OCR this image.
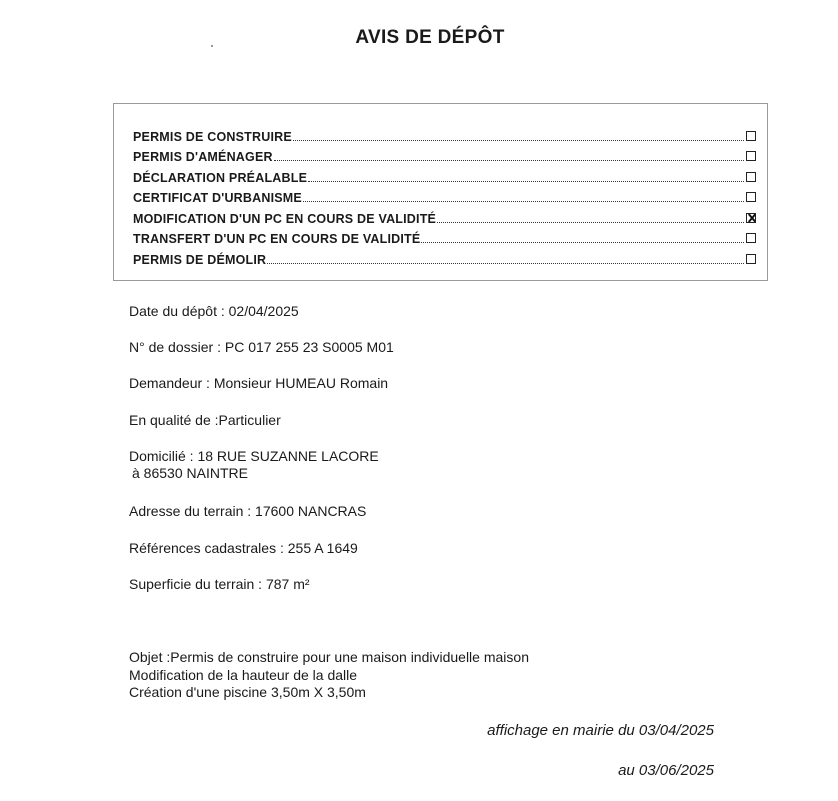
AVIS DE DÉPÔT
PERMIS DE CONSTRUIRE
PERMIS D'AMÉNAGER
DÉCLARATION PRÉALABLE
CERTIFICAT D'URBANISME
MODIFICATION D'UN PC EN COURS DE VALIDITÉ
TRANSFERT D'UN PC EN COURS DE VALIDITÉ
PERMIS DE DÉMOLIR
Date du dépôt : 02/04/2025
N° de dossier : PC 017 255 23 S0005 M01
Demandeur : Monsieur HUMEAU Romain
En qualité de :Particulier
Domicilié : 18 RUE SUZANNE LACORE
à 86530 NAINTRE
Adresse du terrain : 17600 NANCRAS
Références cadastrales : 255 A 1649
Superficie du terrain : 787 m²
Objet :Permis de construire pour une maison individuelle maison
Modification de la hauteur de la dalle
Création d'une piscine 3,50m X 3,50m
affichage en mairie du 03/04/2025
au 03/06/2025
